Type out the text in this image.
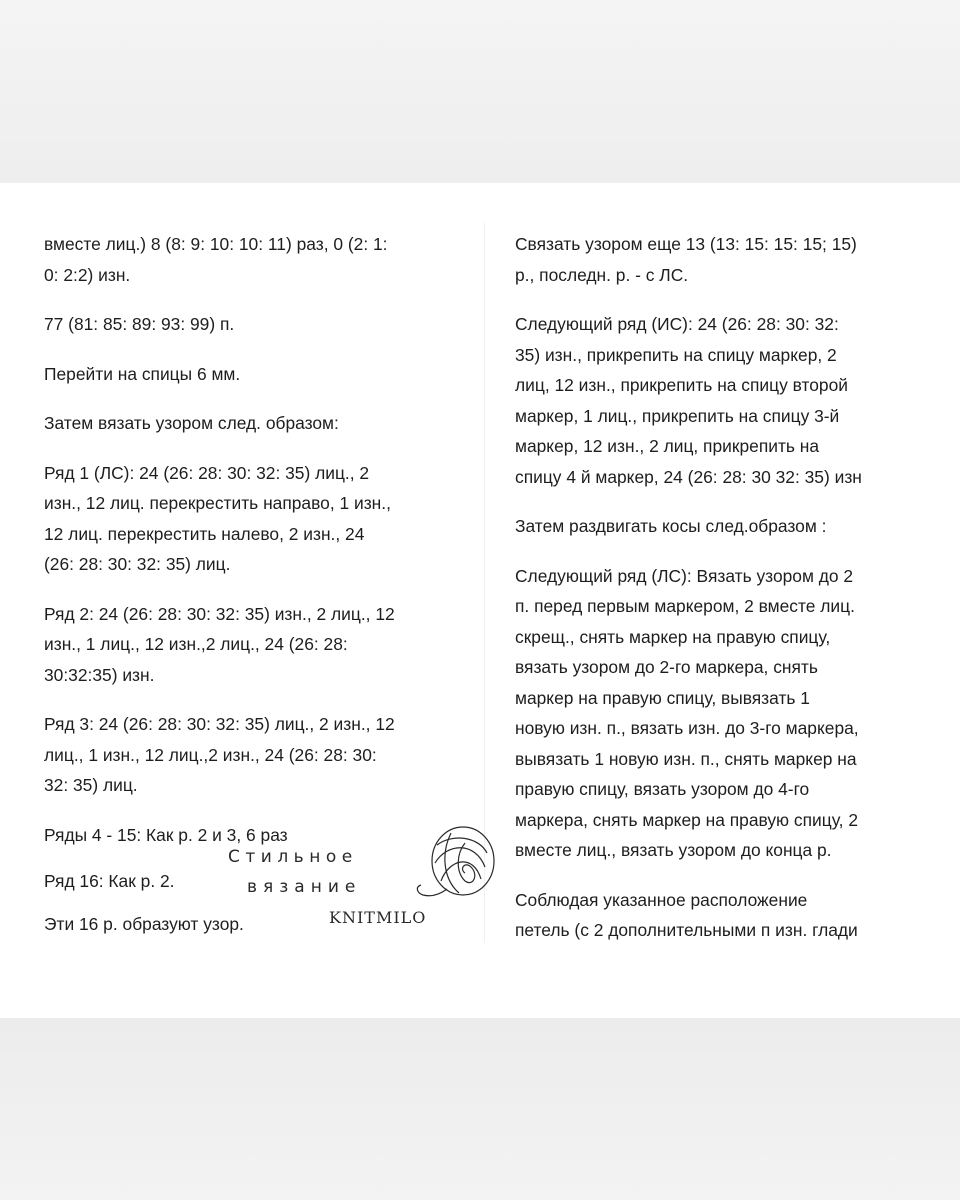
вместе лиц.) 8 (8: 9: 10: 10: 11) раз, 0 (2: 1:
0: 2:2) изн.

77 (81: 85: 89: 93: 99) п.

Перейти на спицы 6 мм.

Затем вязать узором след. образом:

Ряд 1 (ЛС): 24 (26: 28: 30: 32: 35) лиц., 2
изн., 12 лиц. перекрестить направо, 1 изн.,
12 лиц. перекрестить налево, 2 изн., 24
(26: 28: 30: 32: 35) лиц.

Ряд 2: 24 (26: 28: 30: 32: 35) изн., 2 лиц., 12
изн., 1 лиц., 12 изн.,2 лиц., 24 (26: 28:
30:32:35) изн.

Ряд 3: 24 (26: 28: 30: 32: 35) лиц., 2 изн., 12
лиц., 1 изн., 12 лиц.,2 изн., 24 (26: 28: 30:
32: 35) лиц.

Ряды 4 - 15: Как р. 2 и 3, 6 раз

Ряд 16: Как р. 2.

Эти 16 р. образуют узор.

Связать узором еще 13 (13: 15: 15: 15; 15)
р., последн. р. - с ЛС.

Следующий ряд (ИС): 24 (26: 28: 30: 32:
35) изн., прикрепить на спицу маркер, 2
лиц, 12 изн., прикрепить на спицу второй
маркер, 1 лиц., прикрепить на спицу 3-й
маркер, 12 изн., 2 лиц, прикрепить на
спицу 4 й маркер, 24 (26: 28: 30 32: 35) изн

Затем раздвигать косы след.образом :

Следующий ряд (ЛС): Вязать узором до 2
п. перед первым маркером, 2 вместе лиц.
скрещ., снять маркер на правую спицу,
вязать узором до 2-го маркера, снять
маркер на правую спицу, вывязать 1
новую изн. п., вязать изн. до 3-го маркера,
вывязать 1 новую изн. п., снять маркер на
правую спицу, вязать узором до 4-го
маркера, снять маркер на правую спицу, 2
вместе лиц., вязать узором до конца р.

Соблюдая указанное расположение
петель (с 2 дополнительными п изн. глади

Стильное
вязание
KNITMILO
